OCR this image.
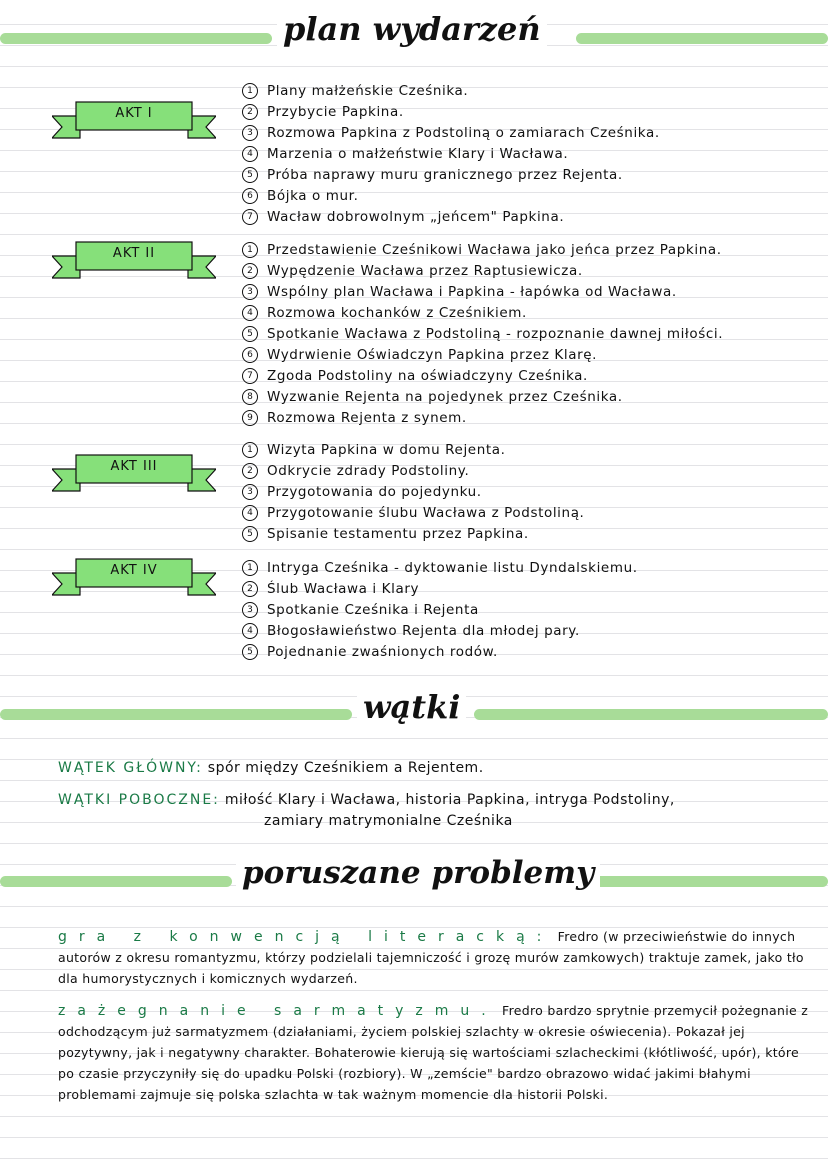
plan wydarzeń
AKT I
1 Plany małżeńskie Cześnika.
2 Przybycie Papkina.
3 Rozmowa Papkina z Podstoliną o zamiarach Cześnika.
4 Marzenia o małżeństwie Klary i Wacława.
5 Próba naprawy muru granicznego przez Rejenta.
6 Bójka o mur.
7 Wacław dobrowolnym „jeńcem" Papkina.
AKT II	1 Przedstawienie Cześnikowi Wacława jako jeńca przez Papkina.
2 Wypędzenie Wacława przez Raptusiewicza.
3 Wspólny plan Wacława i Papkina - łapówka od Wacława.
4 Rozmowa kochanków z Cześnikiem.
5 Spotkanie Wacława z Podstoliną - rozpoznanie dawnej miłości.
6 Wydrwienie Oświadczyn Papkina przez Klarę.
7 Zgoda Podstoliny na oświadczyny Cześnika.
8 Wyzwanie Rejenta na pojedynek przez Cześnika.
9 Rozmowa Rejenta z synem.
AKT III
1 Wizyta Papkina w domu Rejenta.
2 Odkrycie zdrady Podstoliny.
3 Przygotowania do pojedynku.
4 Przygotowanie ślubu Wacława z Podstoliną.
5 Spisanie testamentu przez Papkina.
AKT IV	1 Intryga Cześnika - dyktowanie listu Dyndalskiemu.
2 Ślub Wacława i Klary
3 Spotkanie Cześnika i Rejenta
4 Błogosławieństwo Rejenta dla młodej pary.
5 Pojednanie zwaśnionych rodów.
wątki
WĄTEK GŁÓWNY: spór między Cześnikiem a Rejentem.
WĄTKI POBOCZNE: miłość Klary i Wacława, historia Papkina, intryga Podstoliny,
zamiary matrymonialne Cześnika
poruszane problemy
gra z konwencją literacką: Fredro (w przeciwieństwie do innych autorów z okresu romantyzmu, którzy podzielali tajemniczość i grozę murów zamkowych) traktuje zamek, jako tło dla humorystycznych i komicznych wydarzeń.
zażegnanie sarmatyzmu. Fredro bardzo sprytnie przemycił pożegnanie z odchodzącym już sarmatyzmem (działaniami, życiem polskiej szlachty w okresie oświecenia). Pokazał jej pozytywny, jak i negatywny charakter. Bohaterowie kierują się wartościami szlacheckimi (kłótliwość, upór), które po czasie przyczyniły się do upadku Polski (rozbiory). W „zemście" bardzo obrazowo widać jakimi błahymi problemami zajmuje się polska szlachta w tak ważnym momencie dla historii Polski.
